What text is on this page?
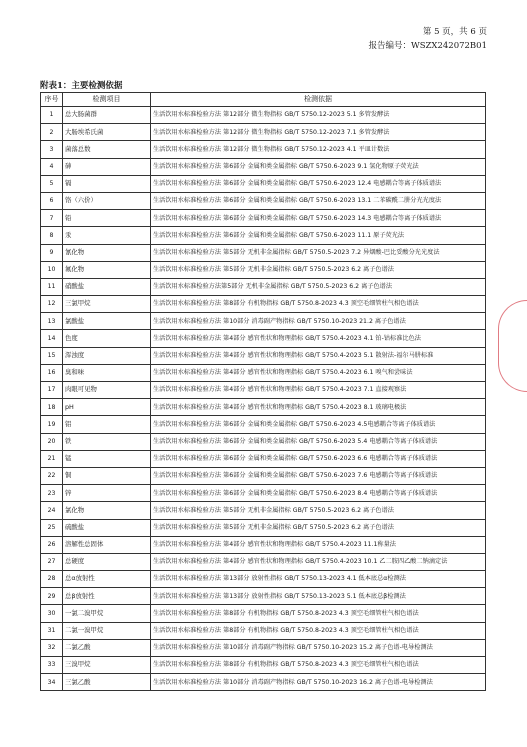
第 5 页，共 6 页
报告编号：WSZX242072B01
附表1：主要检测依据
序号	检测项目	检测依据
1	总大肠菌群	生活饮用水标准检验方法 第12部分 微生物指标 GB/T 5750.12-2023 5.1 多管发酵法
2	大肠埃希氏菌	生活饮用水标准检验方法 第12部分 微生物指标 GB/T 5750.12-2023 7.1 多管发酵法
3	菌落总数	生活饮用水标准检验方法 第12部分 微生物指标 GB/T 5750.12-2023 4.1 平皿计数法
4	砷	生活饮用水标准检验方法 第6部分 金属和类金属指标 GB/T 5750.6-2023 9.1 氢化物原子荧光法
5	镉	生活饮用水标准检验方法 第6部分 金属和类金属指标 GB/T 5750.6-2023 12.4 电感耦合等离子体质谱法
6	铬（六价）	生活饮用水标准检验方法 第6部分 金属和类金属指标 GB/T 5750.6-2023 13.1 二苯碳酰二肼分光光度法
7	铅	生活饮用水标准检验方法 第6部分 金属和类金属指标 GB/T 5750.6-2023 14.3 电感耦合等离子体质谱法
8	汞	生活饮用水标准检验方法 第6部分 金属和类金属指标 GB/T 5750.6-2023 11.1 原子荧光法
9	氰化物	生活饮用水标准检验方法 第5部分 无机非金属指标 GB/T 5750.5-2023 7.2 异烟酸-巴比妥酸分光光度法
10	氟化物	生活饮用水标准检验方法 第5部分 无机非金属指标 GB/T 5750.5-2023 6.2 离子色谱法
11	硝酸盐	生活饮用水标准检验方法第5部分 无机非金属指标 GB/T 5750.5-2023 6.2 离子色谱法
12	三氯甲烷	生活饮用水标准检验方法 第8部分 有机物指标 GB/T 5750.8-2023 4.3 顶空毛细管柱气相色谱法
13	氯酸盐	生活饮用水标准检验方法 第10部分 消毒副产物指标 GB/T 5750.10-2023 21.2 离子色谱法
14	色度	生活饮用水标准检验方法 第4部分 感官性状和物理指标 GB/T 5750.4-2023 4.1 铂-钴标准比色法
15	浑浊度	生活饮用水标准检验方法 第4部分 感官性状和物理指标 GB/T 5750.4-2023 5.1 散射法-福尔马肼标准
16	臭和味	生活饮用水标准检验方法 第4部分 感官性状和物理指标 GB/T 5750.4-2023 6.1 嗅气和尝味法
17	肉眼可见物	生活饮用水标准检验方法 第4部分 感官性状和物理指标 GB/T 5750.4-2023 7.1 直接观察法
18	pH	生活饮用水标准检验方法 第4部分 感官性状和物理指标 GB/T 5750.4-2023 8.1 玻璃电极法
19	铝	生活饮用水标准检验方法 第6部分 金属和类金属指标 GB/T 5750.6-2023 4.5电感耦合等离子体质谱法
20	铁	生活饮用水标准检验方法 第6部分 金属和类金属指标 GB/T 5750.6-2023 5.4 电感耦合等离子体质谱法
21	锰	生活饮用水标准检验方法 第6部分 金属和类金属指标 GB/T 5750.6-2023 6.6 电感耦合等离子体质谱法
22	铜	生活饮用水标准检验方法 第6部分 金属和类金属指标 GB/T 5750.6-2023 7.6 电感耦合等离子体质谱法
23	锌	生活饮用水标准检验方法 第6部分 金属和类金属指标 GB/T 5750.6-2023 8.4 电感耦合等离子体质谱法
24	氯化物	生活饮用水标准检验方法 第5部分 无机非金属指标 GB/T 5750.5-2023 6.2 离子色谱法
25	硫酸盐	生活饮用水标准检验方法 第5部分 无机非金属指标 GB/T 5750.5-2023 6.2 离子色谱法
26	溶解性总固体	生活饮用水标准检验方法 第4部分 感官性状和物理指标 GB/T 5750.4-2023 11.1称量法
27	总硬度	生活饮用水标准检验方法 第4部分 感官性状和物理指标 GB/T 5750.4-2023 10.1 乙二胺四乙酸二钠滴定法
28	总α放射性	生活饮用水标准检验方法 第13部分 放射性指标 GB/T 5750.13-2023 4.1 低本底总α检测法
29	总β放射性	生活饮用水标准检验方法 第13部分 放射性指标 GB/T 5750.13-2023 5.1 低本底总β检测法
30	一氯二溴甲烷	生活饮用水标准检验方法 第8部分 有机物指标 GB/T 5750.8-2023 4.3 顶空毛细管柱气相色谱法
31	二氯一溴甲烷	生活饮用水标准检验方法 第8部分 有机物指标 GB/T 5750.8-2023 4.3 顶空毛细管柱气相色谱法
32	二氯乙酸	生活饮用水标准检验方法 第10部分 消毒副产物指标 GB/T 5750.10-2023 15.2 离子色谱-电导检测法
33	三溴甲烷	生活饮用水标准检验方法 第8部分 有机物指标 GB/T 5750.8-2023 4.3 顶空毛细管柱气相色谱法
34	三氯乙酸	生活饮用水标准检验方法 第10部分 消毒副产物指标 GB/T 5750.10-2023 16.2 离子色谱-电导检测法
